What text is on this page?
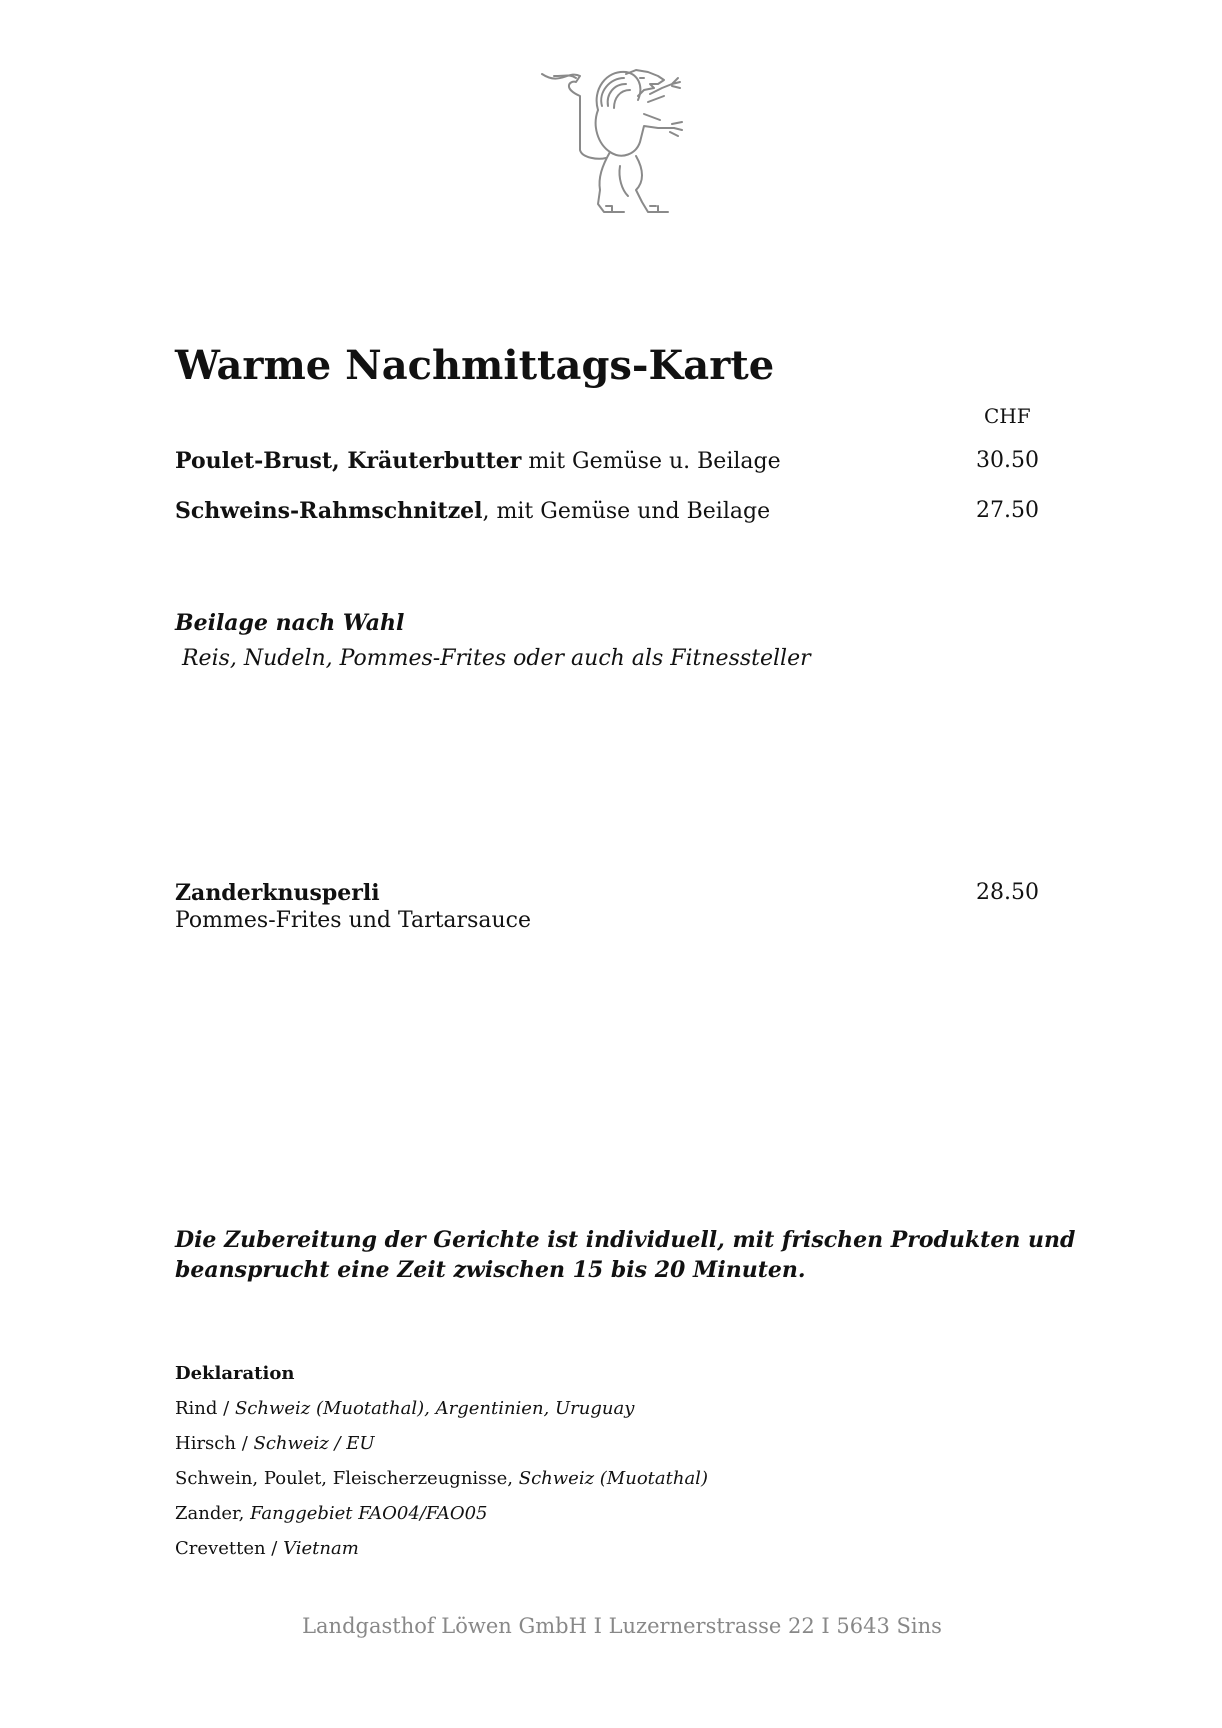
Warme Nachmittags-Karte
CHF
Poulet-Brust, Kräuterbutter mit Gemüse u. Beilage	30.50
Schweins-Rahmschnitzel, mit Gemüse und Beilage	27.50
Beilage nach Wahl
Reis, Nudeln, Pommes-Frites oder auch als Fitnessteller
Zanderknusperli	28.50
Pommes-Frites und Tartarsauce
Die Zubereitung der Gerichte ist individuell, mit frischen Produkten und beansprucht eine Zeit zwischen 15 bis 20 Minuten.
Deklaration
Rind / Schweiz (Muotathal), Argentinien, Uruguay
Hirsch / Schweiz / EU
Schwein, Poulet, Fleischerzeugnisse, Schweiz (Muotathal)
Zander, Fanggebiet FAO04/FAO05
Crevetten / Vietnam
Landgasthof Löwen GmbH I Luzernerstrasse 22 I 5643 Sins
